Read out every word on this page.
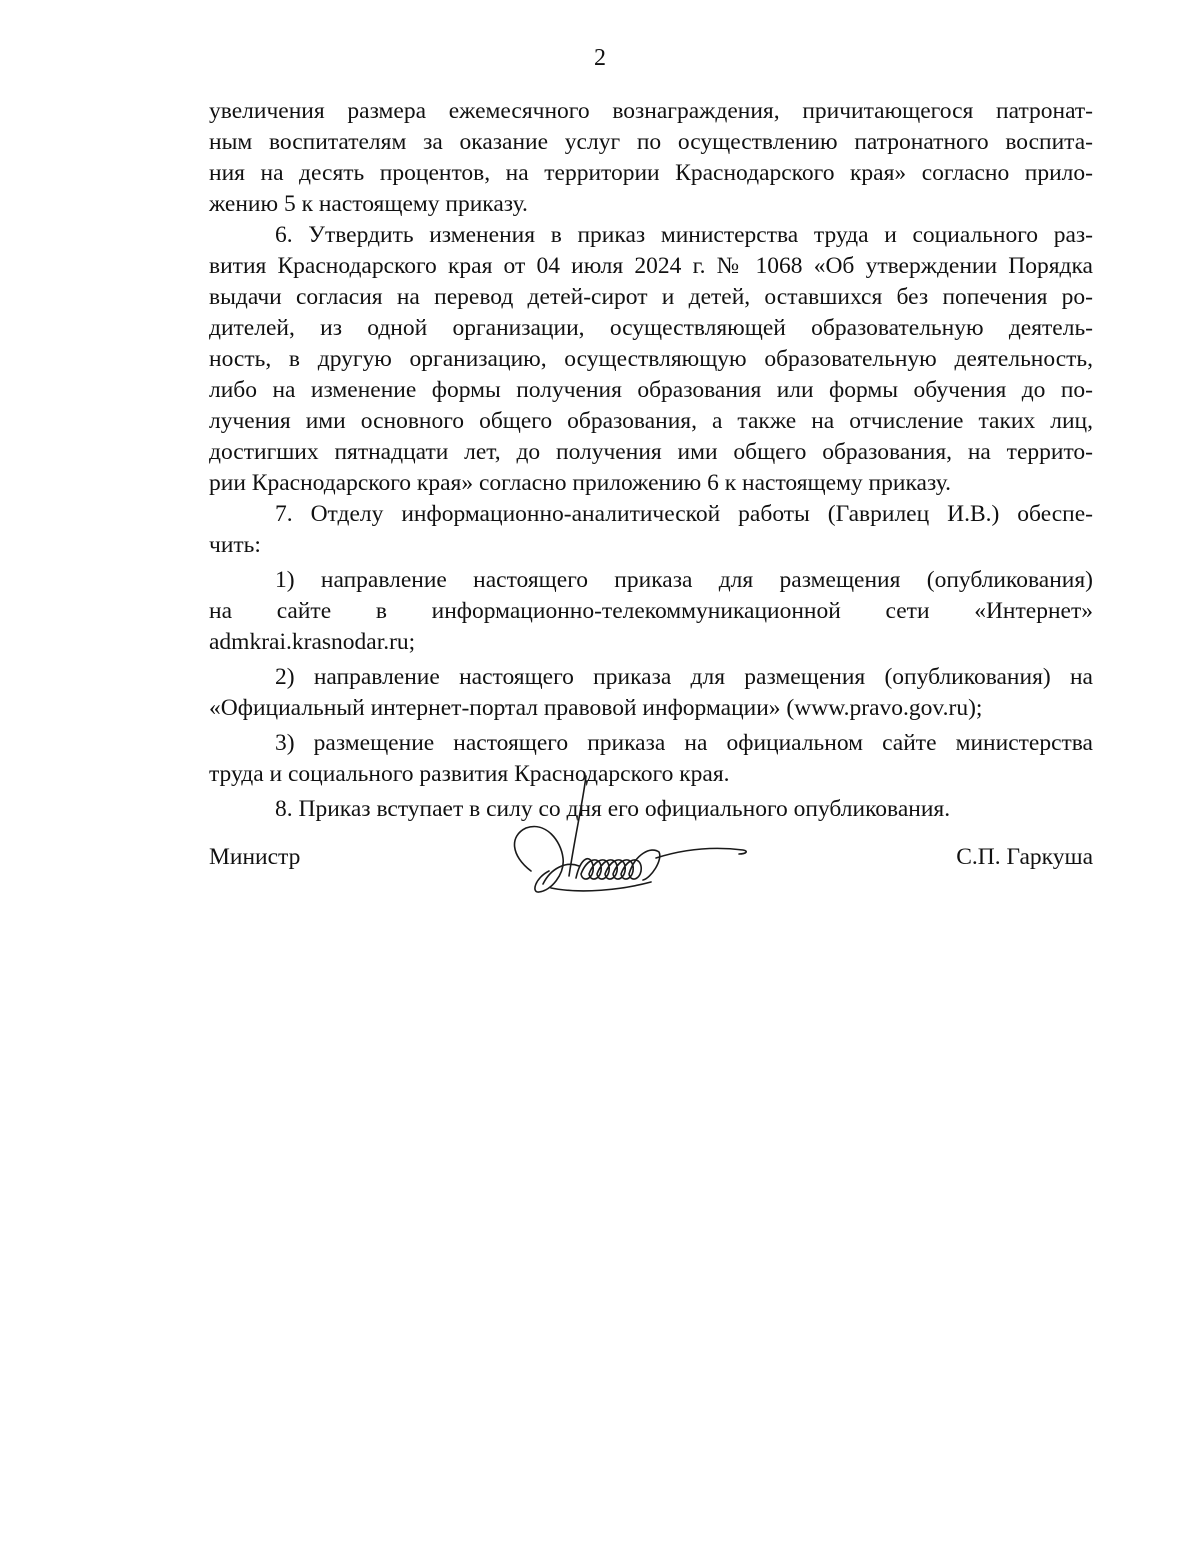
2
увеличения размера ежемесячного вознаграждения, причитающегося патронат-
ным воспитателям за оказание услуг по осуществлению патронатного воспита-
ния на десять процентов, на территории Краснодарского края» согласно прило-
жению 5 к настоящему приказу.
6. Утвердить изменения в приказ министерства труда и социального раз-
вития Краснодарского края от 04 июля 2024 г. № 1068 «Об утверждении Порядка
выдачи согласия на перевод детей-сирот и детей, оставшихся без попечения ро-
дителей, из одной организации, осуществляющей образовательную деятель-
ность, в другую организацию, осуществляющую образовательную деятельность,
либо на изменение формы получения образования или формы обучения до по-
лучения ими основного общего образования, а также на отчисление таких лиц,
достигших пятнадцати лет, до получения ими общего образования, на террито-
рии Краснодарского края» согласно приложению 6 к настоящему приказу.
7. Отделу информационно-аналитической работы (Гаврилец И.В.) обеспе-
чить:
1) направление настоящего приказа для размещения (опубликования)
на сайте в информационно-телекоммуникационной сети «Интернет»
admkrai.krasnodar.ru;
2) направление настоящего приказа для размещения (опубликования) на
«Официальный интернет-портал правовой информации» (www.pravo.gov.ru);
3) размещение настоящего приказа на официальном сайте министерства
труда и социального развития Краснодарского края.
8. Приказ вступает в силу со дня его официального опубликования.
Министр	С.П. Гаркуша
